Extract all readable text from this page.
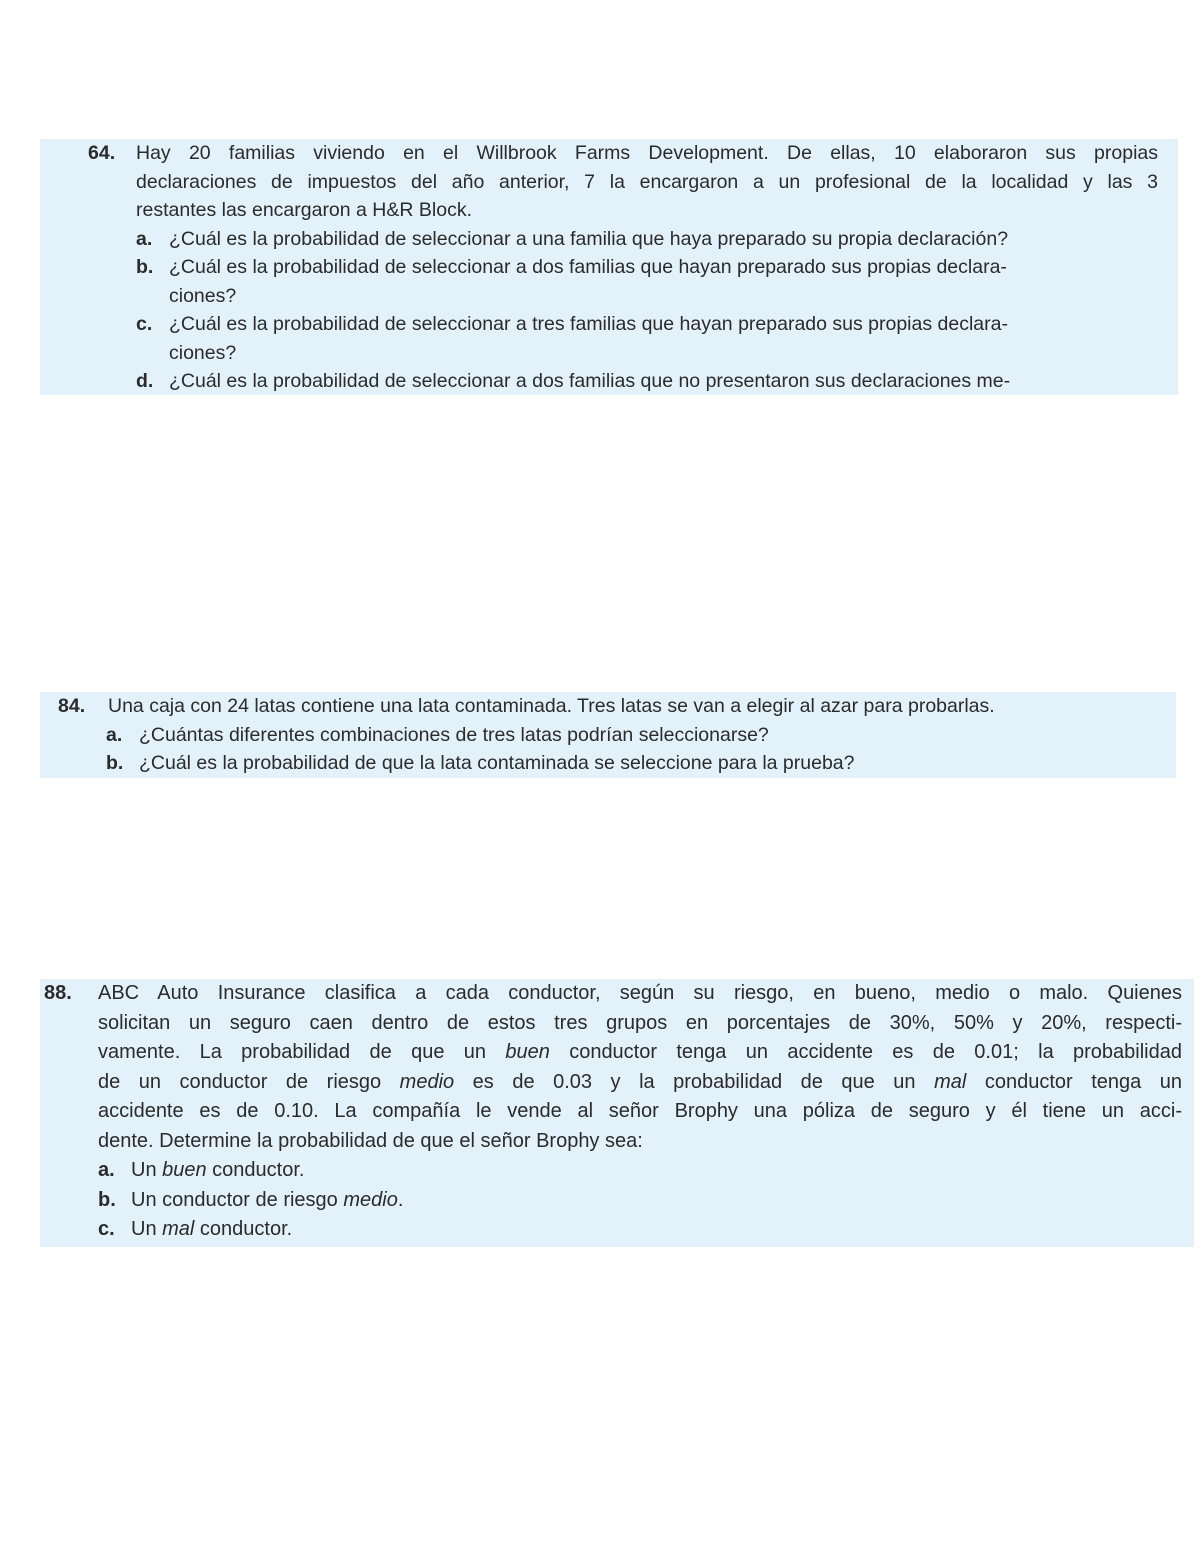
64. Hay 20 familias viviendo en el Willbrook Farms Development. De ellas, 10 elaboraron sus propias
declaraciones de impuestos del año anterior, 7 la encargaron a un profesional de la localidad y las 3
restantes las encargaron a H&R Block.
a. ¿Cuál es la probabilidad de seleccionar a una familia que haya preparado su propia declaración?
b. ¿Cuál es la probabilidad de seleccionar a dos familias que hayan preparado sus propias declara-
ciones?
c. ¿Cuál es la probabilidad de seleccionar a tres familias que hayan preparado sus propias declara-
ciones?
d. ¿Cuál es la probabilidad de seleccionar a dos familias que no presentaron sus declaraciones me-
84. Una caja con 24 latas contiene una lata contaminada. Tres latas se van a elegir al azar para probarlas.
a. ¿Cuántas diferentes combinaciones de tres latas podrían seleccionarse?
b. ¿Cuál es la probabilidad de que la lata contaminada se seleccione para la prueba?
88. ABC Auto Insurance clasifica a cada conductor, según su riesgo, en bueno, medio o malo. Quienes
solicitan un seguro caen dentro de estos tres grupos en porcentajes de 30%, 50% y 20%, respecti-
vamente. La probabilidad de que un buen conductor tenga un accidente es de 0.01; la probabilidad
de un conductor de riesgo medio es de 0.03 y la probabilidad de que un mal conductor tenga un
accidente es de 0.10. La compañía le vende al señor Brophy una póliza de seguro y él tiene un acci-
dente. Determine la probabilidad de que el señor Brophy sea:
a. Un buen conductor.
b. Un conductor de riesgo medio.
c. Un mal conductor.
